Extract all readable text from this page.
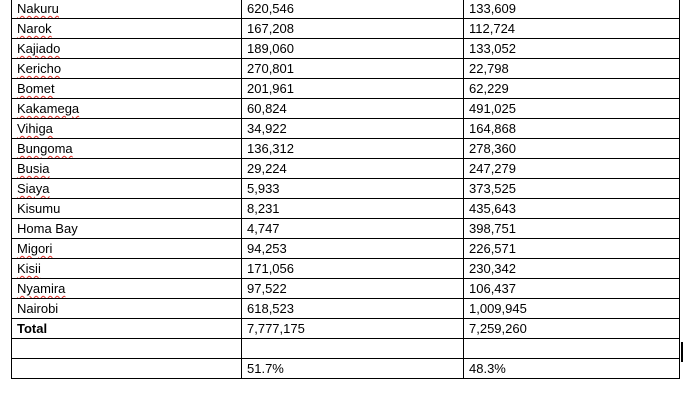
Nakuru	620,546	133,609
Narok	167,208	112,724
Kajiado	189,060	133,052
Kericho	270,801	22,798
Bomet	201,961	62,229
Kakamega	60,824	491,025
Vihiga	34,922	164,868
Bungoma	136,312	278,360
Busia	29,224	247,279
Siaya	5,933	373,525
Kisumu	8,231	435,643
Homa Bay	4,747	398,751
Migori	94,253	226,571
Kisii	171,056	230,342
Nyamira	97,522	106,437
Nairobi	618,523	1,009,945
Total	7,777,175	7,259,260

	51.7%	48.3%
